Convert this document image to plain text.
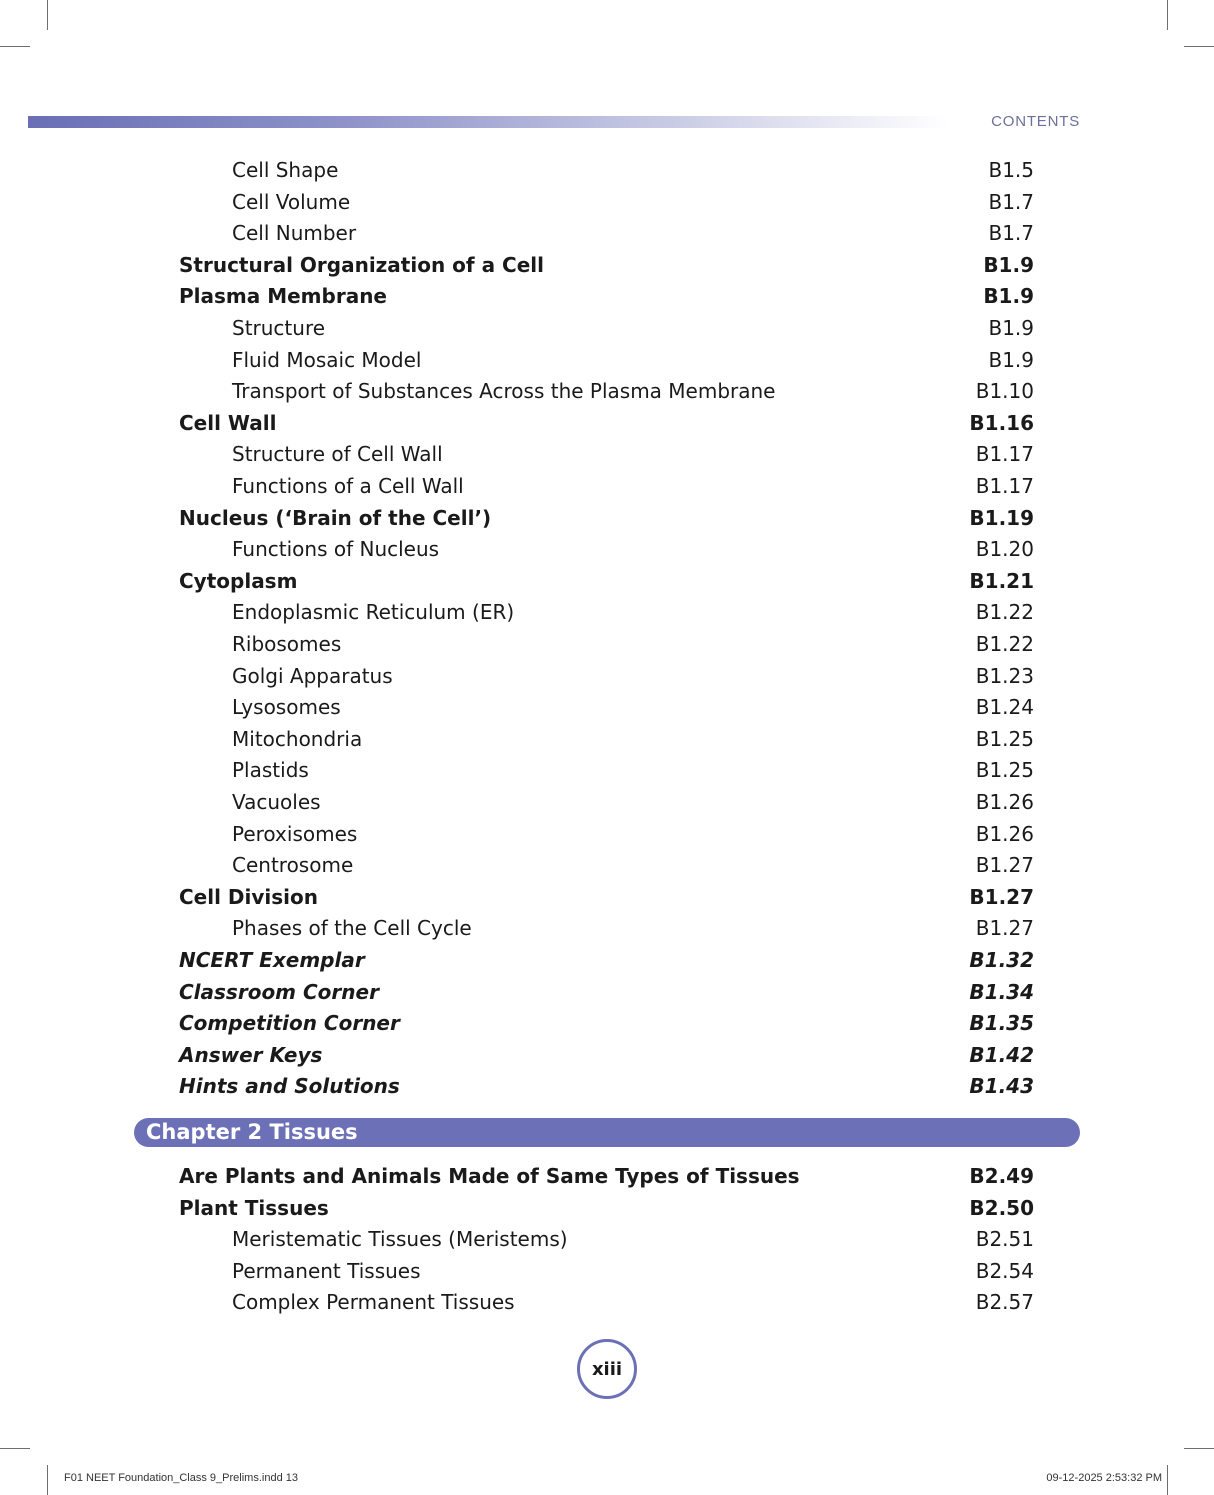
CONTENTS
Cell Shape	B1.5
Cell Volume	B1.7
Cell Number	B1.7
Structural Organization of a Cell	B1.9
Plasma Membrane	B1.9
Structure	B1.9
Fluid Mosaic Model	B1.9
Transport of Substances Across the Plasma Membrane	B1.10
Cell Wall	B1.16
Structure of Cell Wall	B1.17
Functions of a Cell Wall	B1.17
Nucleus (‘Brain of the Cell’)	B1.19
Functions of Nucleus	B1.20
Cytoplasm	B1.21
Endoplasmic Reticulum (ER)	B1.22
Ribosomes	B1.22
Golgi Apparatus	B1.23
Lysosomes	B1.24
Mitochondria	B1.25
Plastids	B1.25
Vacuoles	B1.26
Peroxisomes	B1.26
Centrosome	B1.27
Cell Division	B1.27
Phases of the Cell Cycle	B1.27
NCERT Exemplar	B1.32
Classroom Corner	B1.34
Competition Corner	B1.35
Answer Keys	B1.42
Hints and Solutions	B1.43
Are Plants and Animals Made of Same Types of Tissues	B2.49
Plant Tissues	B2.50
Meristematic Tissues (Meristems)	B2.51
Permanent Tissues	B2.54
Complex Permanent Tissues	B2.57
Chapter 2 Tissues
xiii
F01 NEET Foundation_Class 9_Prelims.indd 13	09-12-2025 2:53:32 PM
